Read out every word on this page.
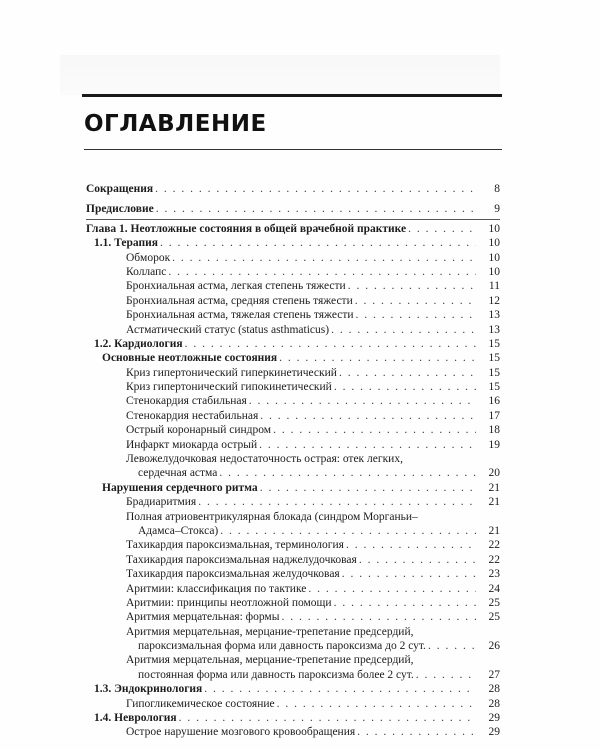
ОГЛАВЛЕНИЕ
Сокращения . . .	8
Предисловие . . .	9
Глава 1. Неотложные состояния в общей врачебной практике . . .	10
1.1. Терапия . . .	10
Обморок . . .	10
Коллапс . . .	10
Бронхиальная астма, легкая степень тяжести . . .	11
Бронхиальная астма, средняя степень тяжести . . .	12
Бронхиальная астма, тяжелая степень тяжести . . .	13
Астматический статус (status asthmaticus) . . .	13
1.2. Кардиология . . .	15
Основные неотложные состояния . . .	15
Криз гипертонический гиперкинетический . . .	15
Криз гипертонический гипокинетический . . .	15
Стенокардия стабильная . . .	16
Стенокардия нестабильная . . .	17
Острый коронарный синдром . . .	18
Инфаркт миокарда острый . . .	19
Левожелудочковая недостаточность острая: отек легких,
сердечная астма . . .	20
Нарушения сердечного ритма . . .	21
Брадиаритмия . . .	21
Полная атриовентрикулярная блокада (синдром Морганьи–
Адамса–Стокса) . . .	21
Тахикардия пароксизмальная, терминология . . .	22
Тахикардия пароксизмальная наджелудочковая . . .	22
Тахикардия пароксизмальная желудочковая . . .	23
Аритмии: классификация по тактике . . .	24
Аритмии: принципы неотложной помощи . . .	25
Аритмия мерцательная: формы . . .	25
Аритмия мерцательная, мерцание-трепетание предсердий,
пароксизмальная форма или давность пароксизма до 2 сут. . . .	26
Аритмия мерцательная, мерцание-трепетание предсердий,
постоянная форма или давность пароксизма более 2 сут. . . .	27
1.3. Эндокринология . . .	28
Гипогликемическое состояние . . .	28
1.4. Неврология . . .	29
Острое нарушение мозгового кровообращения . . .	29
